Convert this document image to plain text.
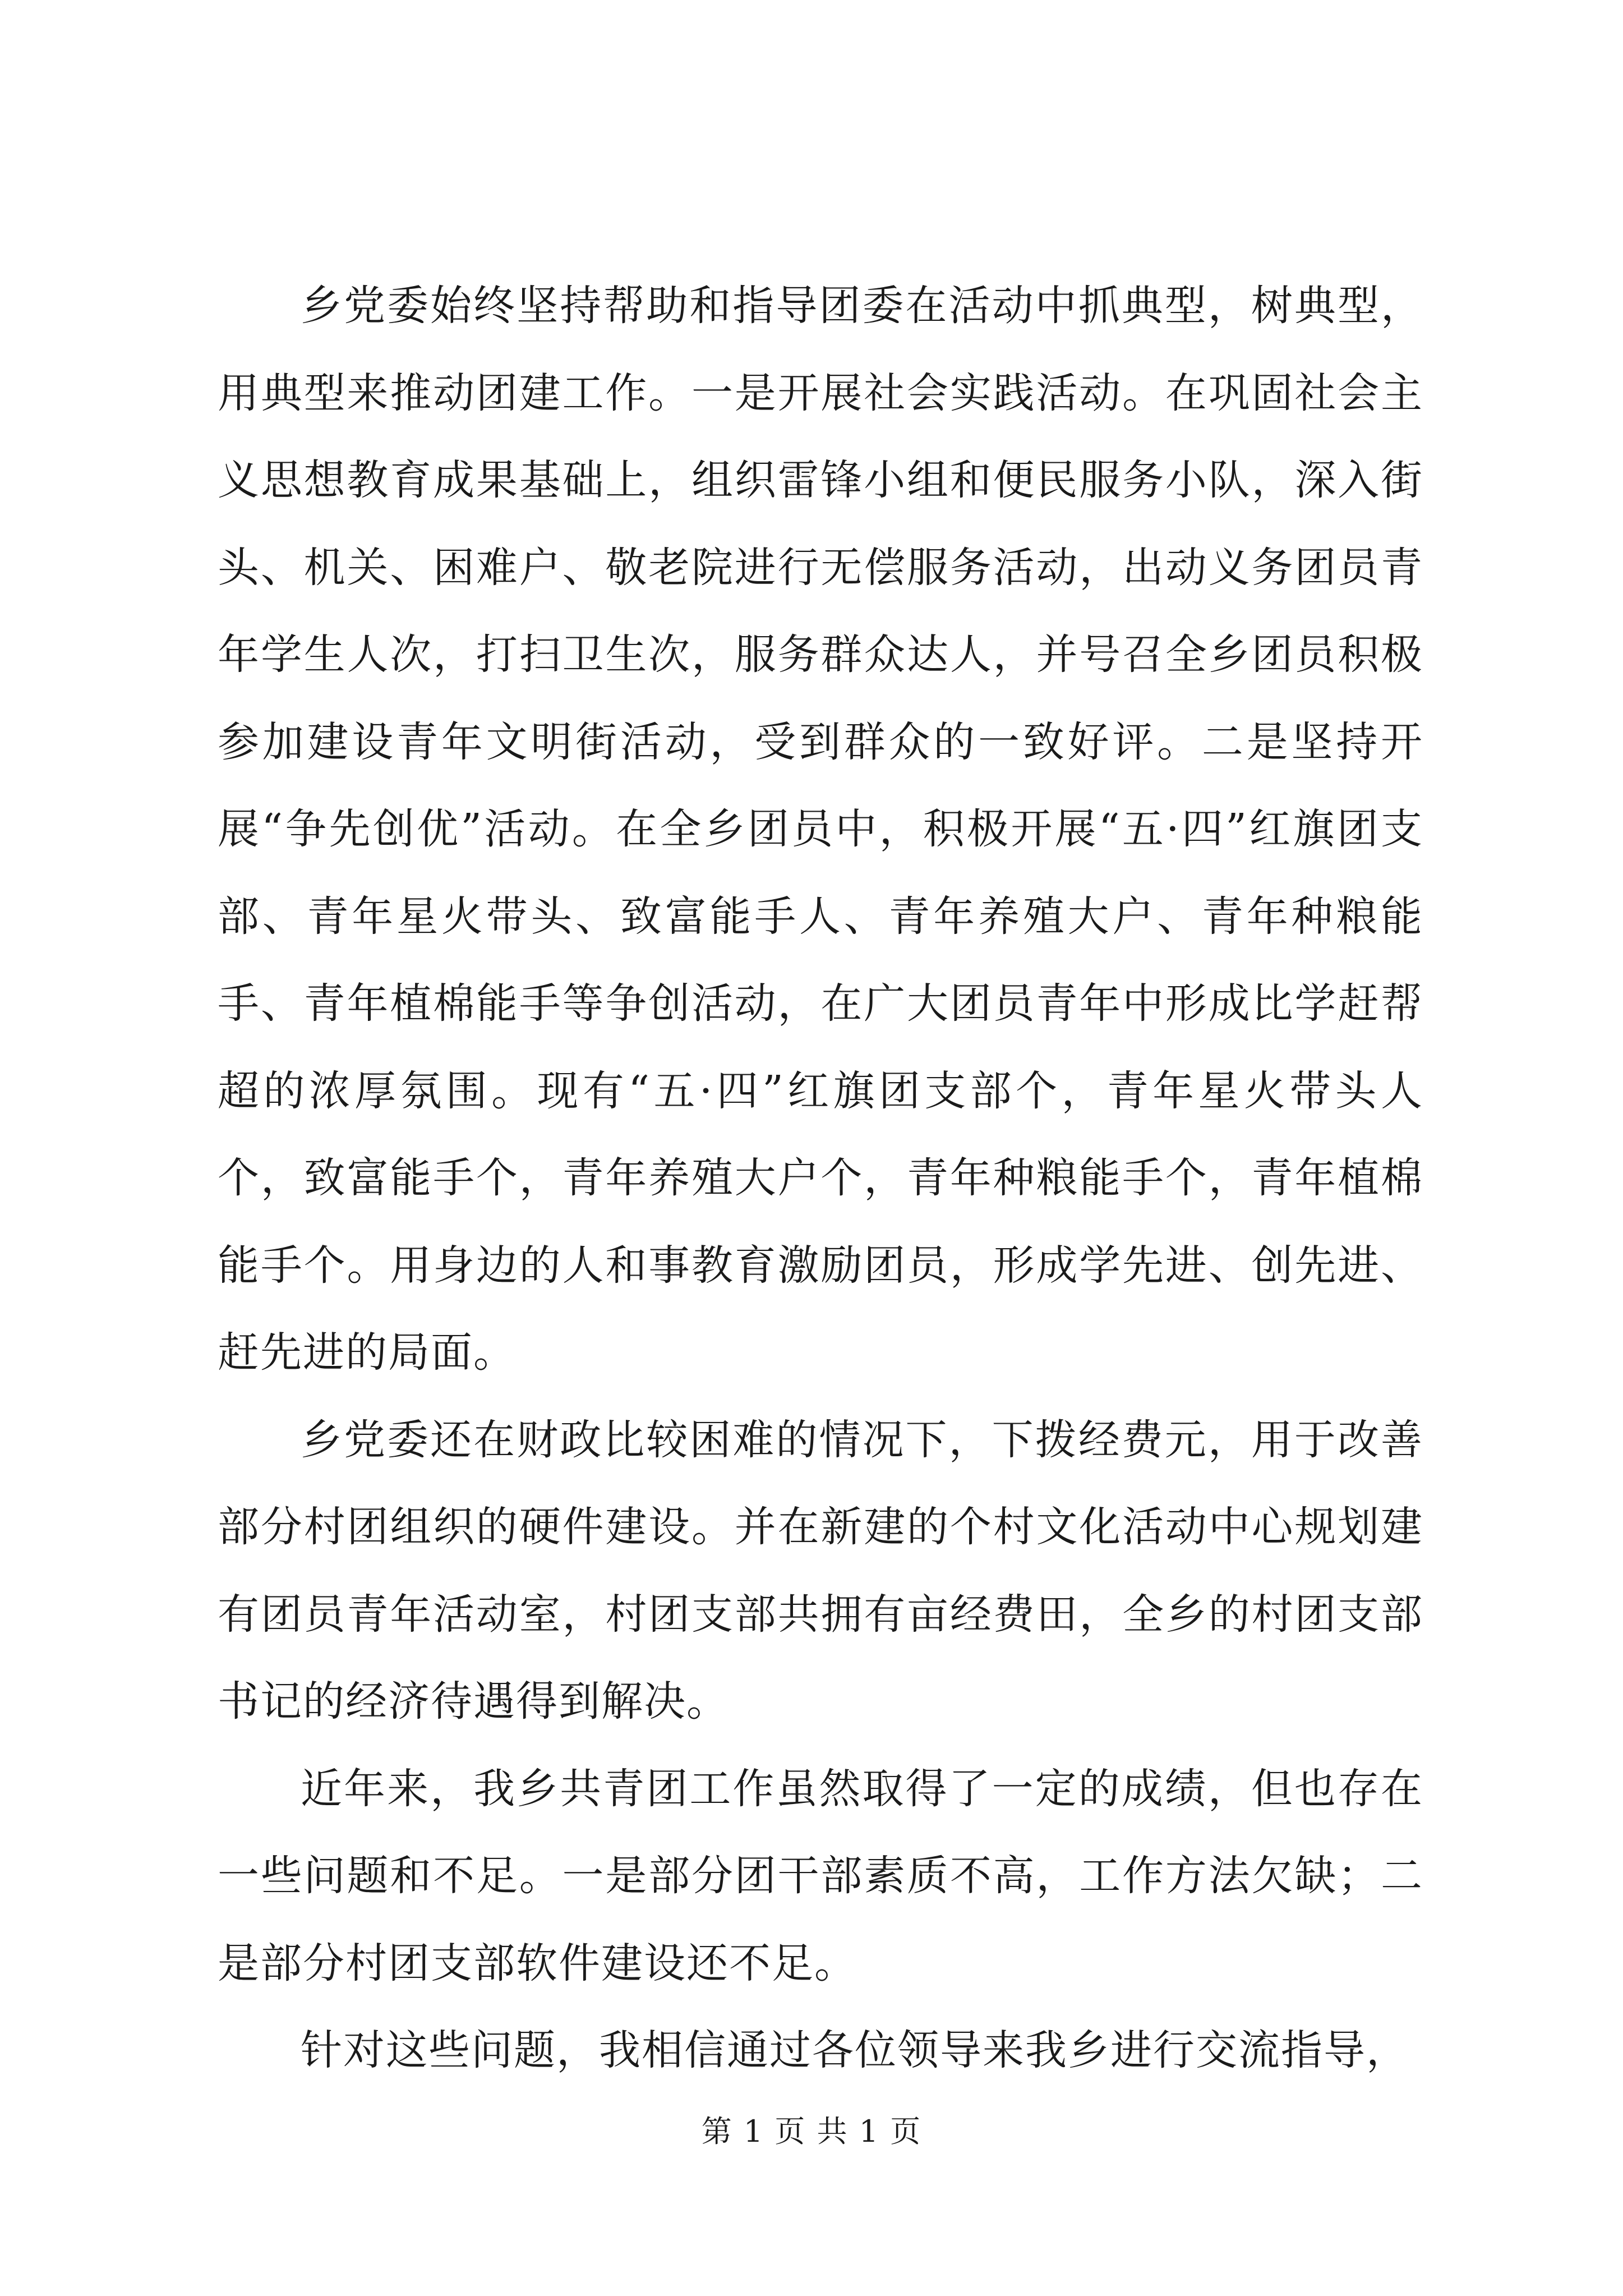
乡党委始终坚持帮助和指导团委在活动中抓典型，树典型，用典型来推动团建工作。一是开展社会实践活动。在巩固社会主义思想教育成果基础上，组织雷锋小组和便民服务小队，深入街头、机关、困难户、敬老院进行无偿服务活动，出动义务团员青年学生人次，打扫卫生次，服务群众达人，并号召全乡团员积极参加建设青年文明街活动，受到群众的一致好评。二是坚持开展“争先创优”活动。在全乡团员中，积极开展“五·四”红旗团支部、青年星火带头、致富能手人、青年养殖大户、青年种粮能手、青年植棉能手等争创活动，在广大团员青年中形成比学赶帮超的浓厚氛围。现有“五·四”红旗团支部个，青年星火带头人个，致富能手个，青年养殖大户个，青年种粮能手个，青年植棉能手个。用身边的人和事教育激励团员，形成学先进、创先进、赶先进的局面。

乡党委还在财政比较困难的情况下，下拨经费元，用于改善部分村团组织的硬件建设。并在新建的个村文化活动中心规划建有团员青年活动室，村团支部共拥有亩经费田，全乡的村团支部书记的经济待遇得到解决。

近年来，我乡共青团工作虽然取得了一定的成绩，但也存在一些问题和不足。一是部分团干部素质不高，工作方法欠缺；二是部分村团支部软件建设还不足。

针对这些问题，我相信通过各位领导来我乡进行交流指导，

第 1 页 共 1 页
